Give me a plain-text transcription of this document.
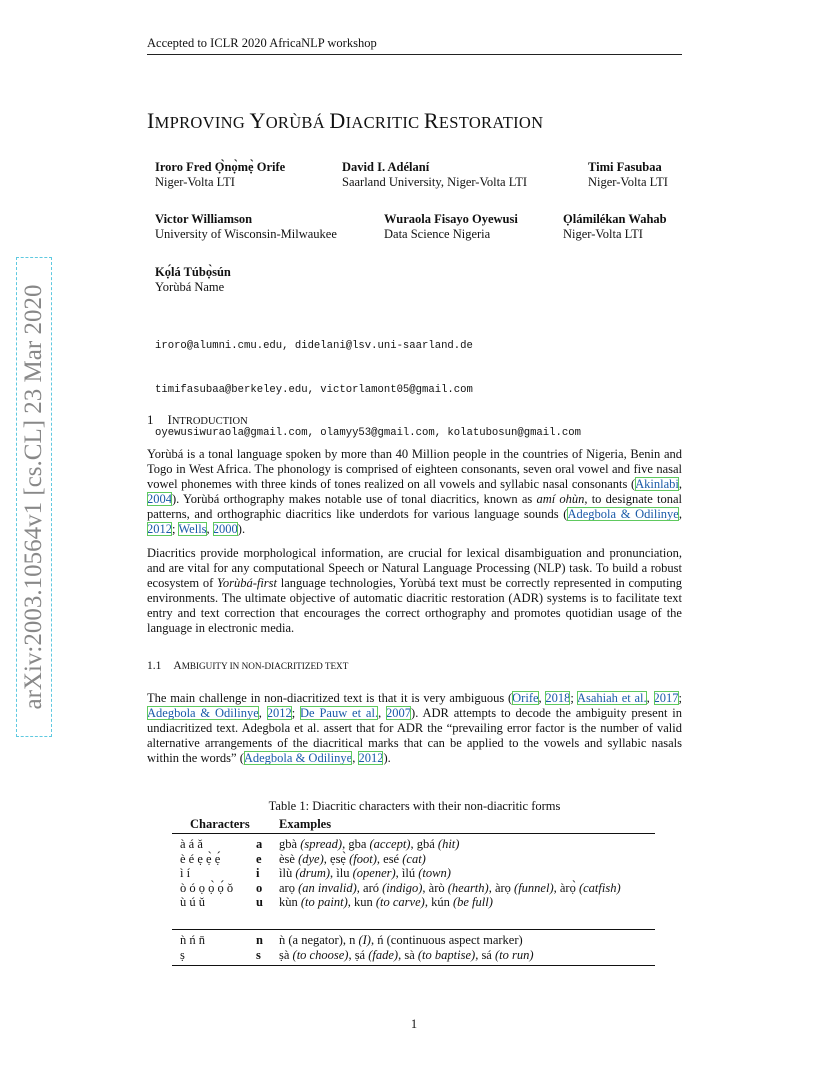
Accepted to ICLR 2020 AfricaNLP workshop
arXiv:2003.10564v1 [cs.CL] 23 Mar 2020
IMPROVING YORÙBÁ DIACRITIC RESTORATION
Iroro Fred Ọ̀nọ̀mẹ̀ Orife
Niger-Volta LTI
David I. Adélaní
Saarland University, Niger-Volta LTI
Timi Fasubaa
Niger-Volta LTI
Victor Williamson
University of Wisconsin-Milwaukee
Wuraola Fisayo Oyewusi
Data Science Nigeria
Ọlámilékan Wahab
Niger-Volta LTI
Kọ́lá Túbọ̀sún
Yorùbá Name

iroro@alumni.cmu.edu, didelani@lsv.uni-saarland.de

timifasubaa@berkeley.edu, victorlamont05@gmail.com

oyewusiwuraola@gmail.com, olamyy53@gmail.com, kolatubosun@gmail.com

1 INTRODUCTION
Yorùbá is a tonal language spoken by more than 40 Million people in the countries of Nigeria, Benin and Togo in West Africa. The phonology is comprised of eighteen consonants, seven oral vowel and five nasal vowel phonemes with three kinds of tones realized on all vowels and syllabic nasal consonants (Akinlabi, 2004). Yorùbá orthography makes notable use of tonal diacritics, known as amí ohùn, to designate tonal patterns, and orthographic diacritics like underdots for various language sounds (Adegbola & Odilinye, 2012; Wells, 2000).
Diacritics provide morphological information, are crucial for lexical disambiguation and pronunciation, and are vital for any computational Speech or Natural Language Processing (NLP) task. To build a robust ecosystem of Yorùbá-first language technologies, Yorùbá text must be correctly represented in computing environments. The ultimate objective of automatic diacritic restoration (ADR) systems is to facilitate text entry and text correction that encourages the correct orthography and promotes quotidian usage of the language in electronic media.
1.1 AMBIGUITY IN NON-DIACRITIZED TEXT
The main challenge in non-diacritized text is that it is very ambiguous (Orife, 2018; Asahiah et al., 2017; Adegbola & Odilinye, 2012; De Pauw et al., 2007). ADR attempts to decode the ambiguity present in undiacritized text. Adegbola et al. assert that for ADR the “prevailing error factor is the number of valid alternative arrangements of the diacritical marks that can be applied to the vowels and syllabic nasals within the words” (Adegbola & Odilinye, 2012).
Table 1: Diacritic characters with their non-diacritic forms
Characters Examples
à á ǎ	a gbà (spread), gba (accept), gbá (hit)
è é ẹ ẹ̀ ẹ́	e èsè (dye), ẹsẹ̀ (foot), esé (cat)
ì í	i ìlù (drum), ìlu (opener), ìlú (town)
ò ó ọ ọ̀ ọ́ ǒ o arọ (an invalid), aró (indigo), àrò (hearth), àrọ (funnel), àrọ̀ (catfish)
ù ú ǔ	u kùn (to paint), kun (to carve), kún (be full)
ǹ ń n̄	n ǹ (a negator), n (I), ń (continuous aspect marker)
ṣ	s ṣà (to choose), ṣá (fade), sà (to baptise), sá (to run)
1
